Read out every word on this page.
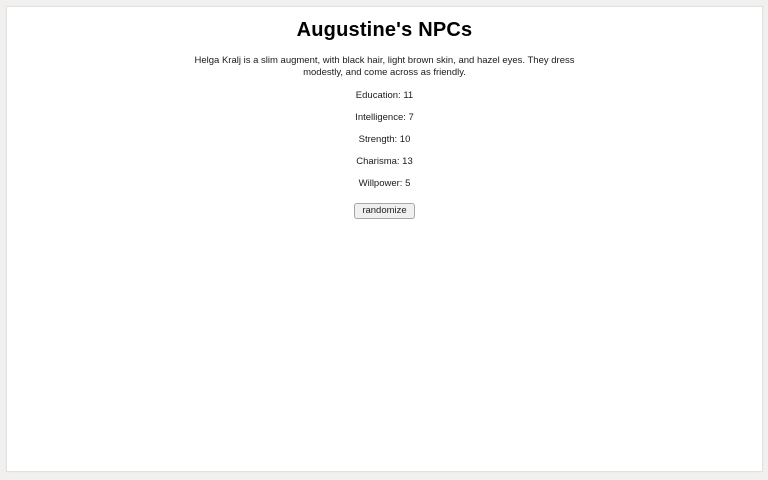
Augustine's NPCs

Helga Kralj is a slim augment, with black hair, light brown skin, and hazel eyes. They dress modestly, and come across as friendly.

Education: 11

Intelligence: 7

Strength: 10

Charisma: 13

Willpower: 5

randomize
